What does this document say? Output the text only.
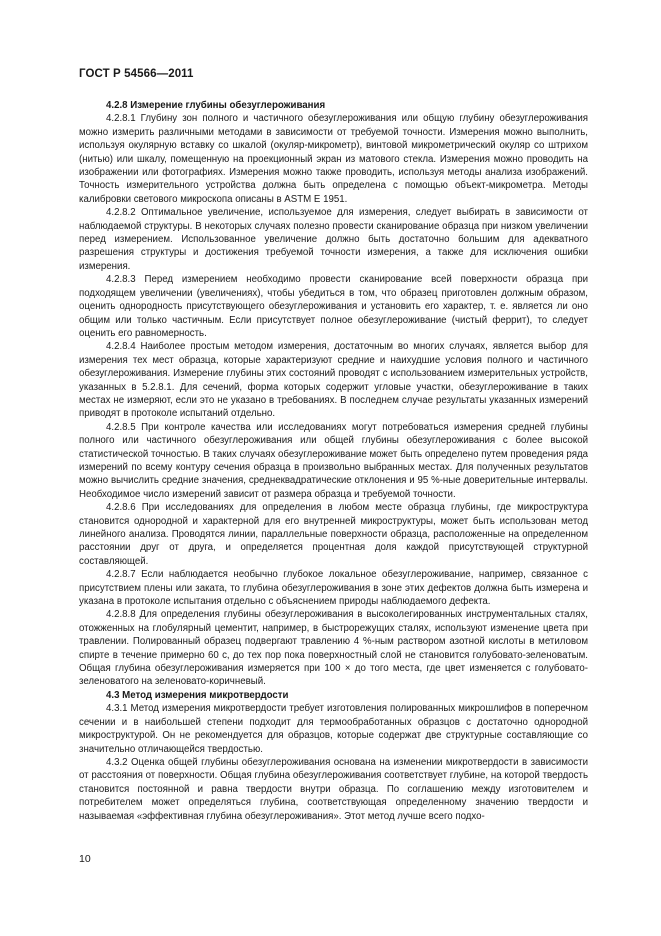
ГОСТ Р 54566—2011
4.2.8 Измерение глубины обезуглероживания

4.2.8.1 Глубину зон полного и частичного обезуглероживания или общую глубину обезуглероживания можно измерить различными методами в зависимости от требуемой точности. Измерения можно выполнить, используя окулярную вставку со шкалой (окуляр-микрометр), винтовой микрометрический окуляр со штрихом (нитью) или шкалу, помещенную на проекционный экран из матового стекла. Измерения можно проводить на изображении или фотографиях. Измерения можно также проводить, используя методы анализа изображений. Точность измерительного устройства должна быть определена с помощью объект-микрометра. Методы калибровки светового микроскопа описаны в ASTM E 1951.

4.2.8.2 Оптимальное увеличение, используемое для измерения, следует выбирать в зависимости от наблюдаемой структуры. В некоторых случаях полезно провести сканирование образца при низком увеличении перед измерением. Использованное увеличение должно быть достаточно большим для адекватного разрешения структуры и достижения требуемой точности измерения, а также для исключения ошибки измерения.

4.2.8.3 Перед измерением необходимо провести сканирование всей поверхности образца при подходящем увеличении (увеличениях), чтобы убедиться в том, что образец приготовлен должным образом, оценить однородность присутствующего обезуглероживания и установить его характер, т. е. является ли оно общим или только частичным. Если присутствует полное обезуглероживание (чистый феррит), то следует оценить его равномерность.

4.2.8.4 Наиболее простым методом измерения, достаточным во многих случаях, является выбор для измерения тех мест образца, которые характеризуют средние и наихудшие условия полного и частичного обезуглероживания. Измерение глубины этих состояний проводят с использованием измерительных устройств, указанных в 5.2.8.1. Для сечений, форма которых содержит угловые участки, обезуглероживание в таких местах не измеряют, если это не указано в требованиях. В последнем случае результаты указанных измерений приводят в протоколе испытаний отдельно.

4.2.8.5 При контроле качества или исследованиях могут потребоваться измерения средней глубины полного или частичного обезуглероживания или общей глубины обезуглероживания с более высокой статистической точностью. В таких случаях обезуглероживание может быть определено путем проведения ряда измерений по всему контуру сечения образца в произвольно выбранных местах. Для полученных результатов можно вычислить средние значения, среднеквадратические отклонения и 95 %-ные доверительные интервалы. Необходимое число измерений зависит от размера образца и требуемой точности.

4.2.8.6 При исследованиях для определения в любом месте образца глубины, где микроструктура становится однородной и характерной для его внутренней микроструктуры, может быть использован метод линейного анализа. Проводятся линии, параллельные поверхности образца, расположенные на определенном расстоянии друг от друга, и определяется процентная доля каждой присутствующей структурной составляющей.

4.2.8.7 Если наблюдается необычно глубокое локальное обезуглероживание, например, связанное с присутствием плены или заката, то глубина обезуглероживания в зоне этих дефектов должна быть измерена и указана в протоколе испытания отдельно с объяснением природы наблюдаемого дефекта.

4.2.8.8 Для определения глубины обезуглероживания в высоколегированных инструментальных сталях, отожженных на глобулярный цементит, например, в быстрорежущих сталях, используют изменение цвета при травлении. Полированный образец подвергают травлению 4 %-ным раствором азотной кислоты в метиловом спирте в течение примерно 60 с, до тех пор пока поверхностный слой не становится голубовато-зеленоватым. Общая глубина обезуглероживания измеряется при 100 × до того места, где цвет изменяется с голубовато-зеленоватого на зеленовато-коричневый.

4.3 Метод измерения микротвердости

4.3.1 Метод измерения микротвердости требует изготовления полированных микрошлифов в поперечном сечении и в наибольшей степени подходит для термообработанных образцов с достаточно однородной микроструктурой. Он не рекомендуется для образцов, которые содержат две структурные составляющие со значительно отличающейся твердостью.

4.3.2 Оценка общей глубины обезуглероживания основана на изменении микротвердости в зависимости от расстояния от поверхности. Общая глубина обезуглероживания соответствует глубине, на которой твердость становится постоянной и равна твердости внутри образца. По соглашению между изготовителем и потребителем может определяться глубина, соответствующая определенному значению твердости и называемая «эффективная глубина обезуглероживания». Этот метод лучше всего подхо-

10
